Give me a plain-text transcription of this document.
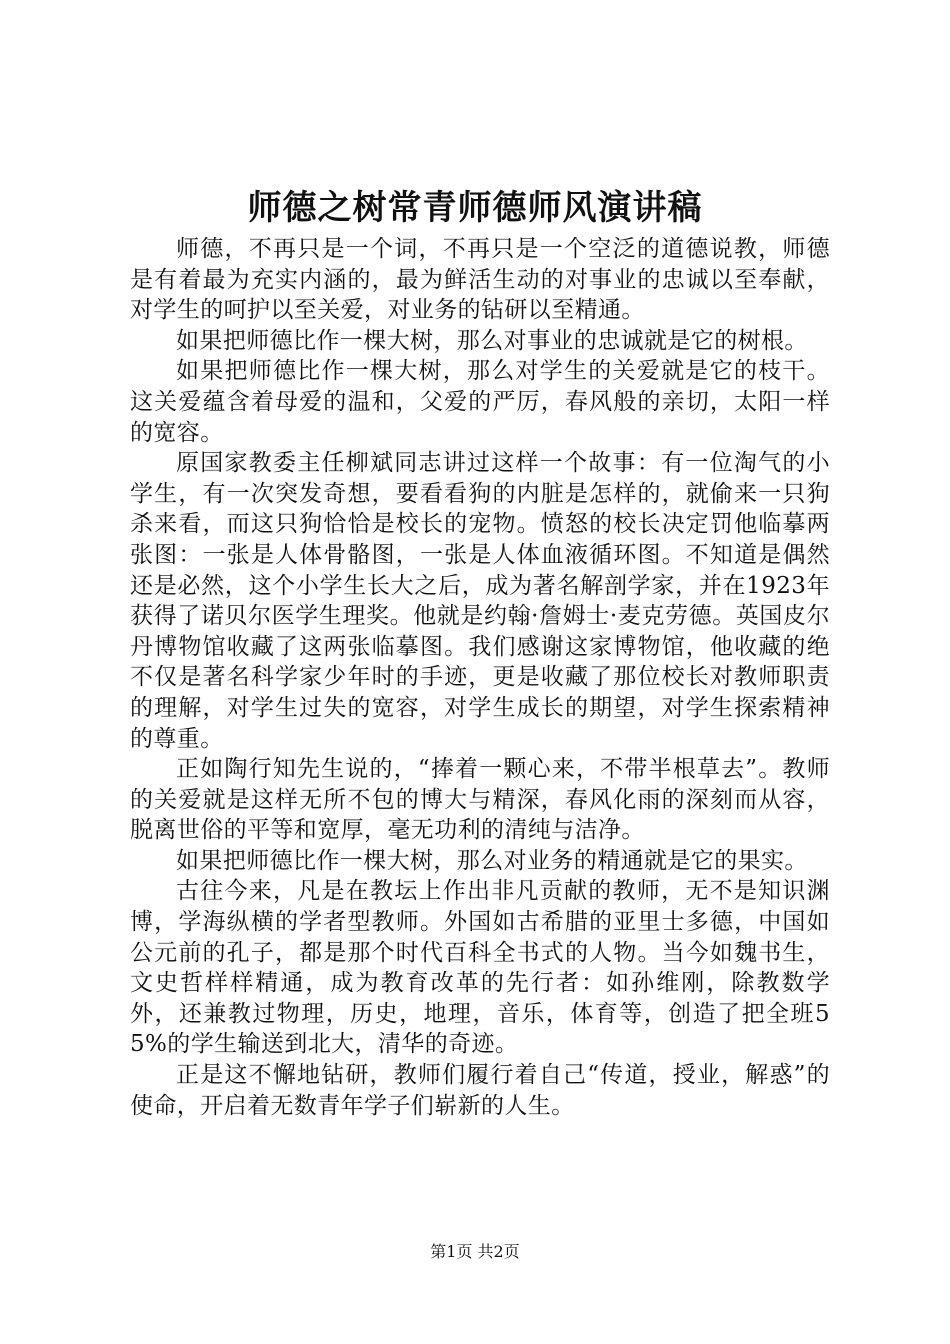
师德之树常青师德师风演讲稿

师德，不再只是一个词，不再只是一个空泛的道德说教，师德是有着最为充实内涵的，最为鲜活生动的对事业的忠诚以至奉献，对学生的呵护以至关爱，对业务的钻研以至精通。

如果把师德比作一棵大树，那么对事业的忠诚就是它的树根。

如果把师德比作一棵大树，那么对学生的关爱就是它的枝干。这关爱蕴含着母爱的温和，父爱的严厉，春风般的亲切，太阳一样的宽容。

原国家教委主任柳斌同志讲过这样一个故事：有一位淘气的小学生，有一次突发奇想，要看看狗的内脏是怎样的，就偷来一只狗杀来看，而这只狗恰恰是校长的宠物。愤怒的校长决定罚他临摹两张图：一张是人体骨骼图，一张是人体血液循环图。不知道是偶然还是必然，这个小学生长大之后，成为著名解剖学家，并在1923年获得了诺贝尔医学生理奖。他就是约翰·詹姆士·麦克劳德。英国皮尔丹博物馆收藏了这两张临摹图。我们感谢这家博物馆，他收藏的绝不仅是著名科学家少年时的手迹，更是收藏了那位校长对教师职责的理解，对学生过失的宽容，对学生成长的期望，对学生探索精神的尊重。

正如陶行知先生说的，“捧着一颗心来，不带半根草去”。教师的关爱就是这样无所不包的博大与精深，春风化雨的深刻而从容，脱离世俗的平等和宽厚，毫无功利的清纯与洁净。

如果把师德比作一棵大树，那么对业务的精通就是它的果实。

古往今来，凡是在教坛上作出非凡贡献的教师，无不是知识渊博，学海纵横的学者型教师。外国如古希腊的亚里士多德，中国如公元前的孔子，都是那个时代百科全书式的人物。当今如魏书生，文史哲样样精通，成为教育改革的先行者：如孙维刚，除教数学外，还兼教过物理，历史，地理，音乐，体育等，创造了把全班55%的学生输送到北大，清华的奇迹。

正是这不懈地钻研，教师们履行着自己“传道，授业，解惑”的使命，开启着无数青年学子们崭新的人生。

第1页 共2页
